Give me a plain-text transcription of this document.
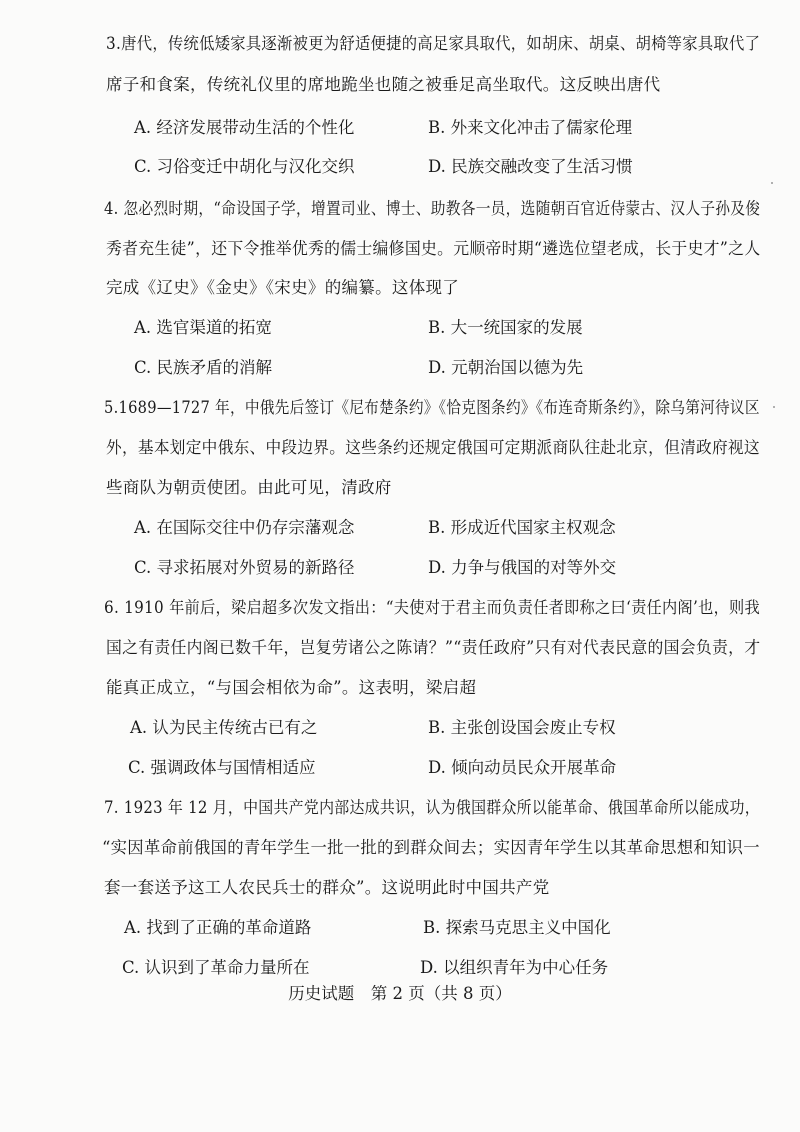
3.唐代，传统低矮家具逐渐被更为舒适便捷的高足家具取代，如胡床、胡桌、胡椅等家具取代了
席子和食案，传统礼仪里的席地跪坐也随之被垂足高坐取代。这反映出唐代
A. 经济发展带动生活的个性化	B. 外来文化冲击了儒家伦理
C. 习俗变迁中胡化与汉化交织	D. 民族交融改变了生活习惯
4. 忽必烈时期，“命设国子学，增置司业、博士、助教各一员，选随朝百官近侍蒙古、汉人子孙及俊
秀者充生徒”，还下令推举优秀的儒士编修国史。元顺帝时期“遴选位望老成，长于史才”之人
完成《辽史》《金史》《宋史》的编纂。这体现了
A. 选官渠道的拓宽	B. 大一统国家的发展
C. 民族矛盾的消解	D. 元朝治国以德为先
5.1689—1727 年，中俄先后签订《尼布楚条约》《恰克图条约》《布连奇斯条约》，除乌第河待议区
外，基本划定中俄东、中段边界。这些条约还规定俄国可定期派商队往赴北京，但清政府视这
些商队为朝贡使团。由此可见，清政府
A. 在国际交往中仍存宗藩观念	B. 形成近代国家主权观念
C. 寻求拓展对外贸易的新路径	D. 力争与俄国的对等外交
6. 1910 年前后，梁启超多次发文指出：“夫使对于君主而负责任者即称之曰‘责任内阁’也，则我
国之有责任内阁已数千年，岂复劳诸公之陈请？”“责任政府”只有对代表民意的国会负责，才
能真正成立，“与国会相依为命”。这表明，梁启超
A. 认为民主传统古已有之	B. 主张创设国会废止专权
C. 强调政体与国情相适应	D. 倾向动员民众开展革命
7. 1923 年 12 月，中国共产党内部达成共识，认为俄国群众所以能革命、俄国革命所以能成功，
“实因革命前俄国的青年学生一批一批的到群众间去；实因青年学生以其革命思想和知识一
套一套送予这工人农民兵士的群众”。这说明此时中国共产党
A. 找到了正确的革命道路	B. 探索马克思主义中国化
C. 认识到了革命力量所在	D. 以组织青年为中心任务
历史试题　第 2 页（共 8 页）
